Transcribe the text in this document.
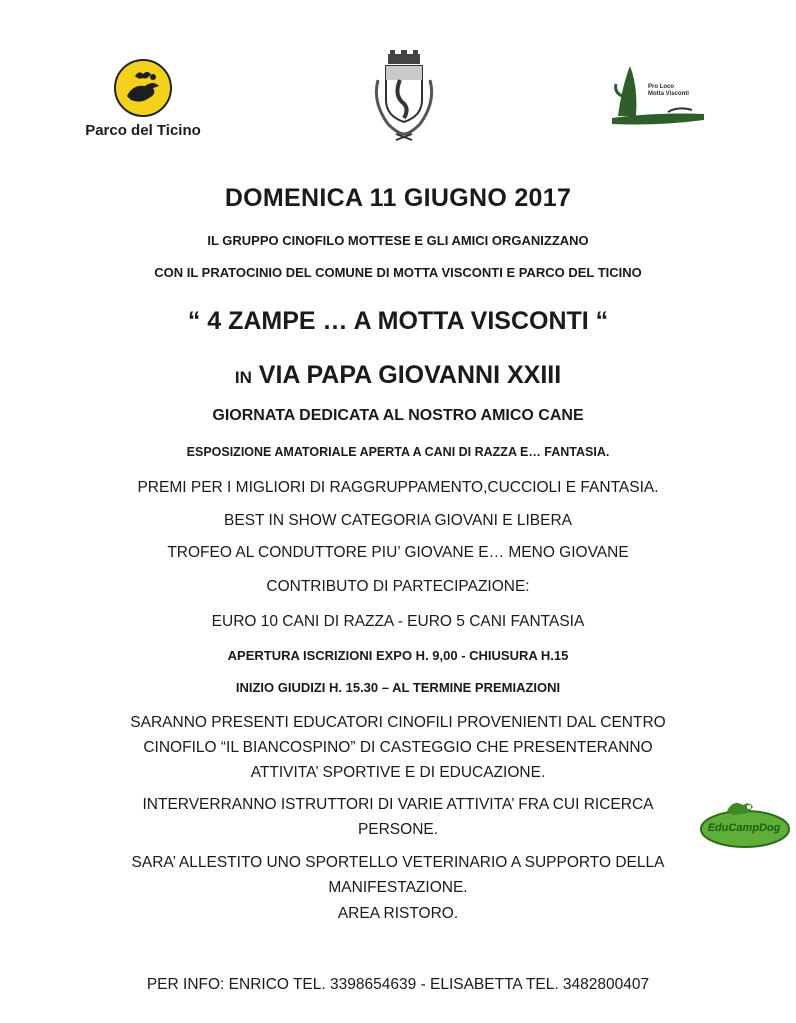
Parco del Ticino
Pro Loco
Motta Visconti
DOMENICA 11 GIUGNO 2017
IL GRUPPO CINOFILO MOTTESE E GLI AMICI ORGANIZZANO
CON IL PRATOCINIO DEL COMUNE DI MOTTA VISCONTI E PARCO DEL TICINO
“ 4 ZAMPE … A MOTTA VISCONTI “
IN VIA PAPA GIOVANNI XXIII
GIORNATA DEDICATA AL NOSTRO AMICO CANE
ESPOSIZIONE AMATORIALE APERTA A CANI DI RAZZA E… FANTASIA.
PREMI PER I MIGLIORI DI RAGGRUPPAMENTO,CUCCIOLI E FANTASIA.
BEST IN SHOW CATEGORIA GIOVANI E LIBERA
TROFEO AL CONDUTTORE PIU’ GIOVANE E… MENO GIOVANE
CONTRIBUTO DI PARTECIPAZIONE:
EURO 10 CANI DI RAZZA - EURO 5 CANI FANTASIA
APERTURA ISCRIZIONI EXPO H. 9,00 - CHIUSURA H.15
INIZIO GIUDIZI H. 15.30 – AL TERMINE PREMIAZIONI
SARANNO PRESENTI EDUCATORI CINOFILI PROVENIENTI DAL CENTRO
CINOFILO “IL BIANCOSPINO” DI CASTEGGIO CHE PRESENTERANNO
ATTIVITA’ SPORTIVE E DI EDUCAZIONE.
INTERVERRANNO ISTRUTTORI DI VARIE ATTIVITA’ FRA CUI RICERCA
PERSONE.
SARA’ ALLESTITO UNO SPORTELLO VETERINARIO A SUPPORTO DELLA
MANIFESTAZIONE.
AREA RISTORO.
EduCampDog
PER INFO: ENRICO TEL. 3398654639 - ELISABETTA TEL. 3482800407
